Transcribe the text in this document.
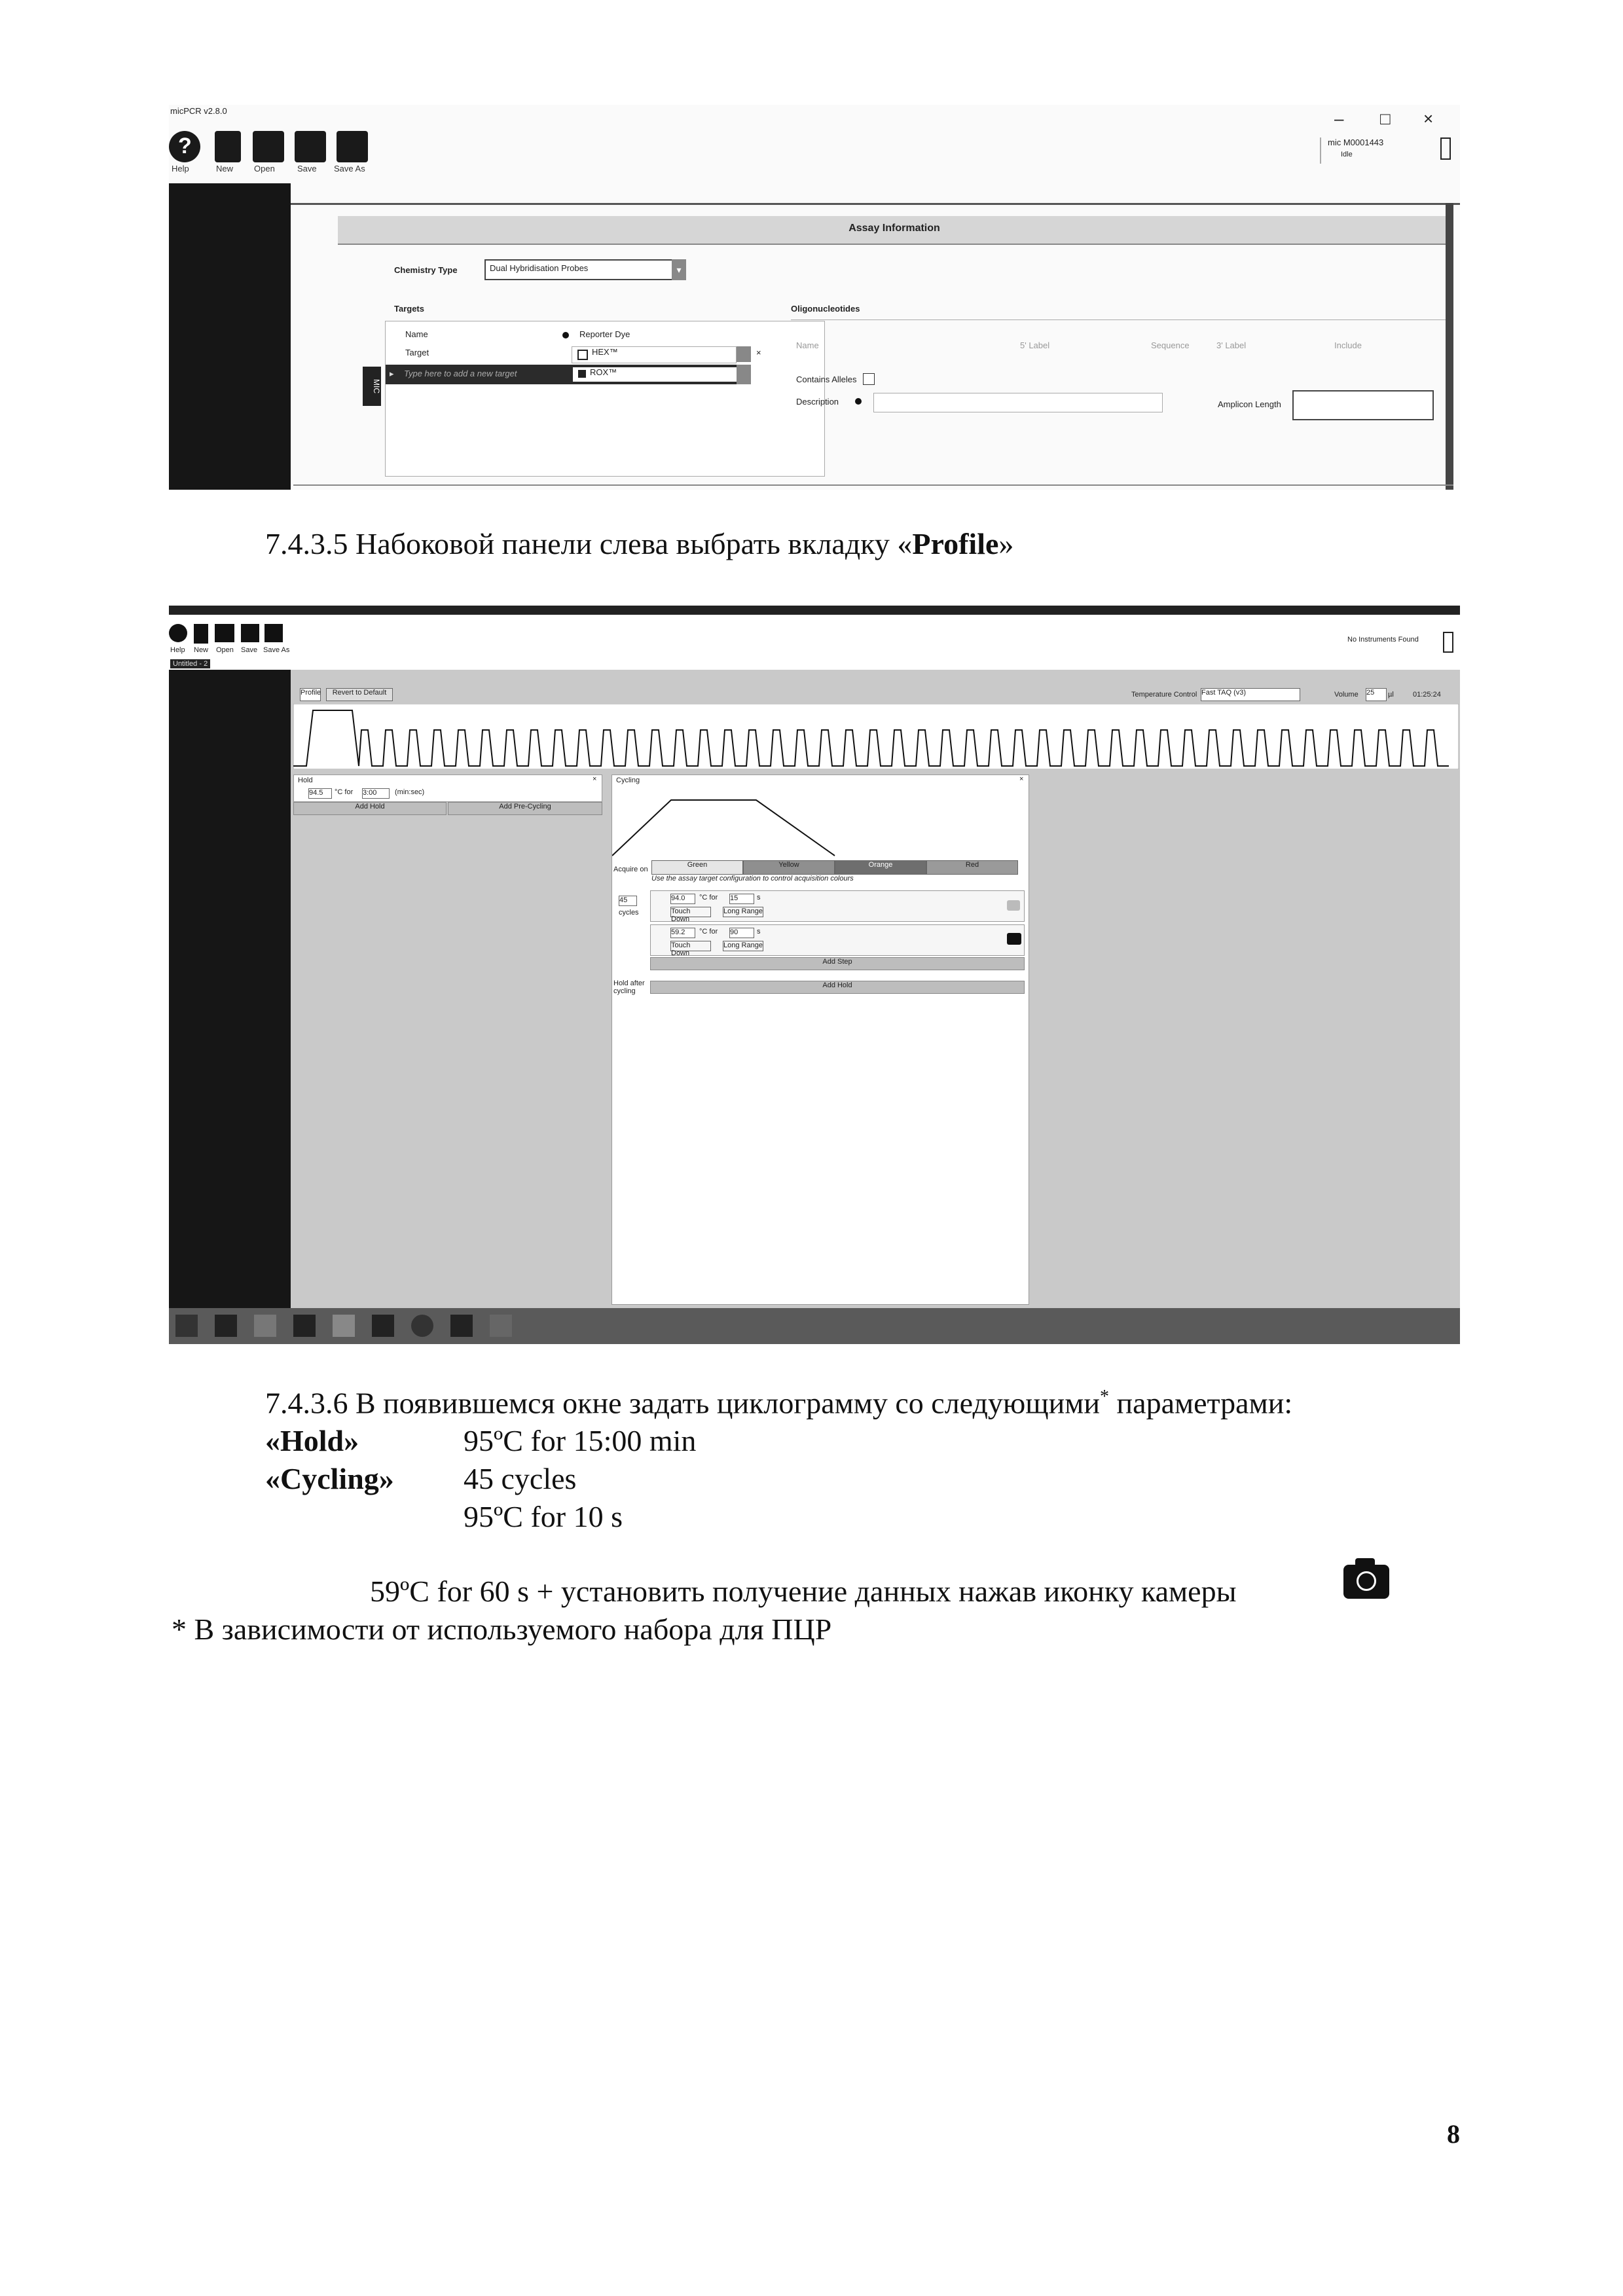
micPCR v2.8.0	– □ ×
?
Help	New Open	Save Save As
mic M0001443
Idle
Assay Information
Chemistry Type	Dual Hybridisation Probes	▾
Targets
Name	Reporter Dye
Target	HEX™	×
▸ Type here to add a new target	ROX™
MIC
Oligonucleotides
Name	5' Label	Sequence	3' Label	Include
Contains Alleles
Description	Amplicon Length
7.4.3.5 Набоковой панели слева выбрать вкладку «Profile»
Help New Open Save Save As
Untitled - 2
No Instruments Found
Profile	Revert to Default	Temperature Control Fast TAQ (v3)	Volume 25	µl	01:25:24
Hold	×
94.5	°C for 3:00	(min:sec)
Add Hold	Add Pre-Cycling
Cycling	×
Acquire on
Green	Yellow	Orange	Red
Use the assay target configuration to control acquisition colours
45
cycles
94.0	°C for 15	s
Touch Down
Long Range
59.2	°C for 90	s
Touch Down
Long Range
Add Step
Hold after cycling
Add Hold
7.4.3.6 В появившемся окне задать циклограмму со следующими* параметрами:
«Hold»	95ºC for 15:00 min
«Cycling» 45 cycles
95ºC for 10 s
59ºC for 60 s + установить получение данных нажав иконку камеры
* В зависимости от используемого набора для ПЦР
8
